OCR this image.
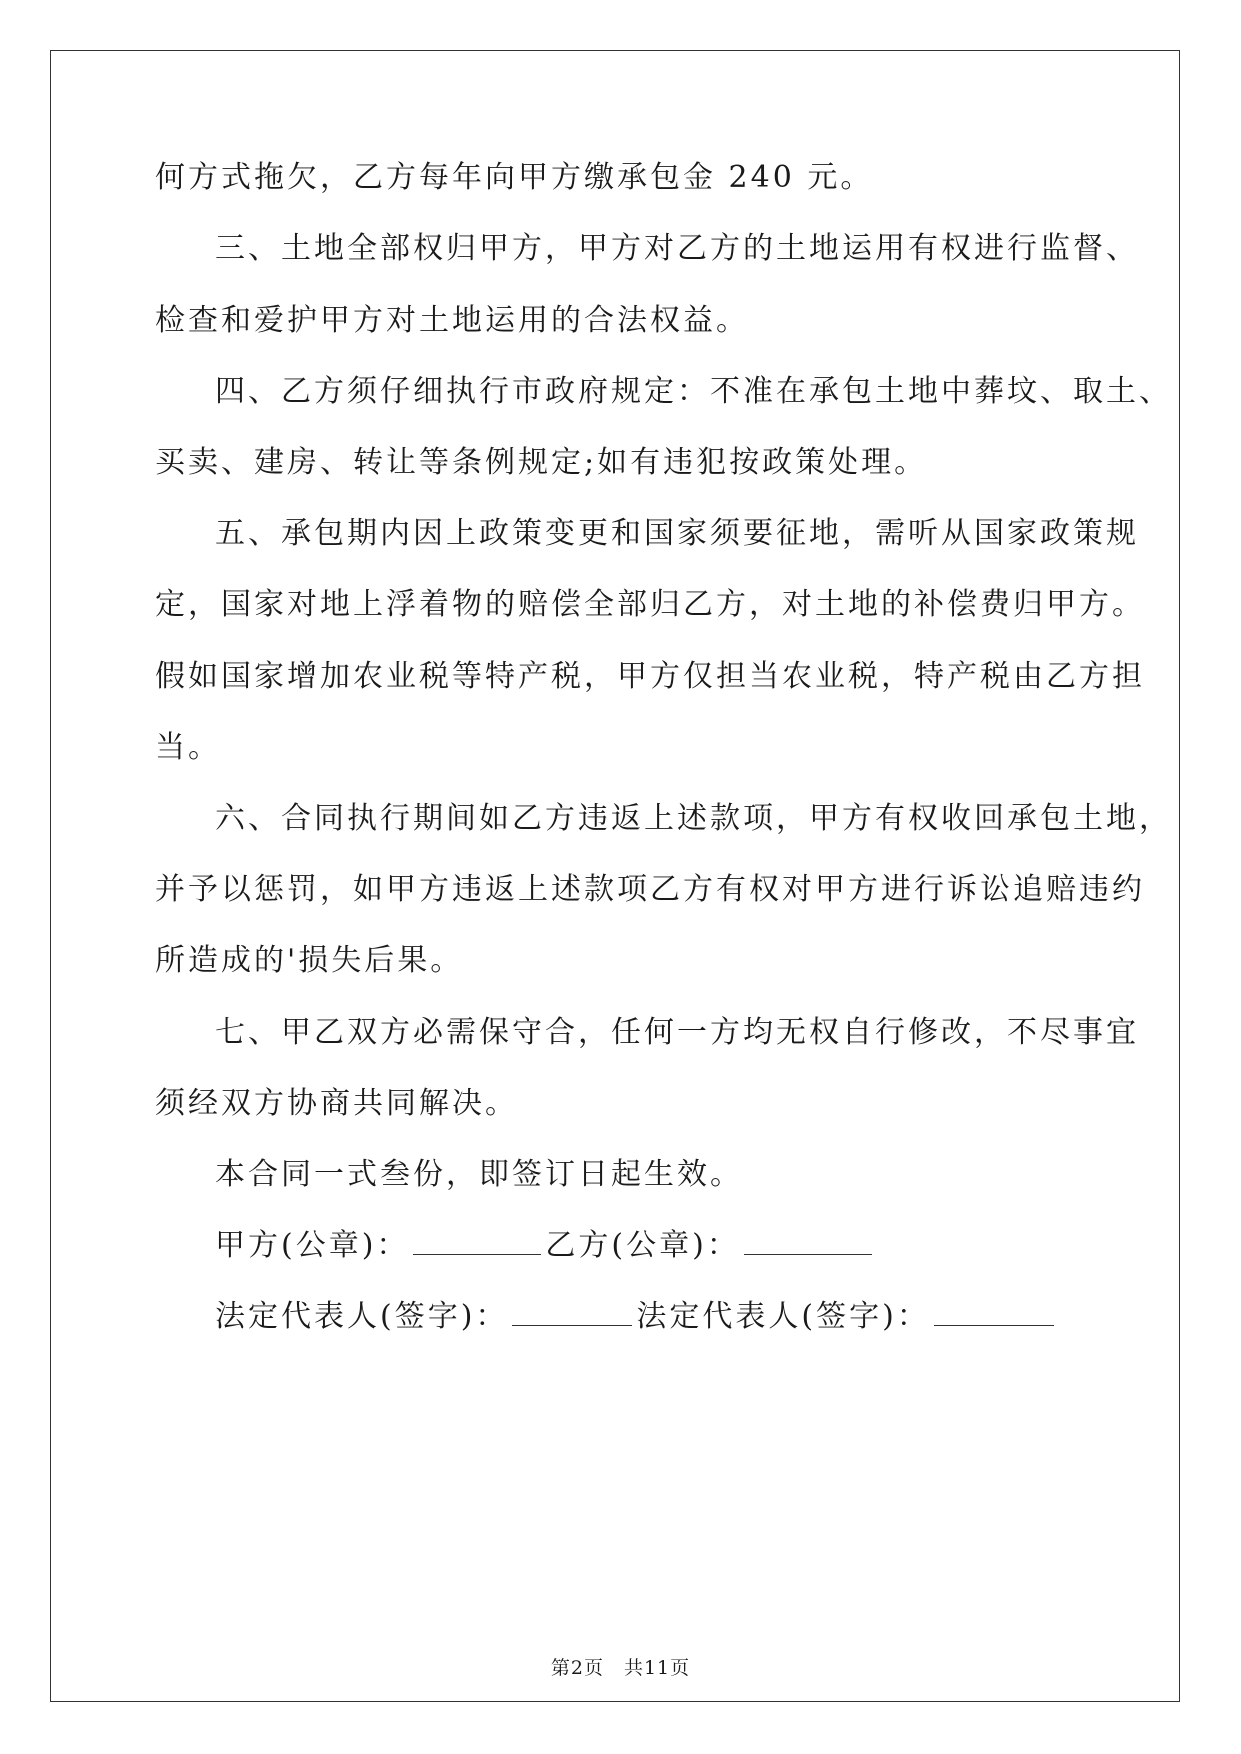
何方式拖欠，乙方每年向甲方缴承包金 240 元。
三、土地全部权归甲方，甲方对乙方的土地运用有权进行监督、
检查和爱护甲方对土地运用的合法权益。
四、乙方须仔细执行市政府规定：不准在承包土地中葬坟、取土、
买卖、建房、转让等条例规定;如有违犯按政策处理。
五、承包期内因上政策变更和国家须要征地，需听从国家政策规
定，国家对地上浮着物的赔偿全部归乙方，对土地的补偿费归甲方。
假如国家增加农业税等特产税，甲方仅担当农业税，特产税由乙方担
当。
六、合同执行期间如乙方违返上述款项，甲方有权收回承包土地，
并予以惩罚，如甲方违返上述款项乙方有权对甲方进行诉讼追赔违约
所造成的'损失后果。
七、甲乙双方必需保守合，任何一方均无权自行修改，不尽事宜
须经双方协商共同解决。
本合同一式叁份，即签订日起生效。
甲方(公章)：	乙方(公章)：
法定代表人(签字)：	法定代表人(签字)：
第2页　共11页
